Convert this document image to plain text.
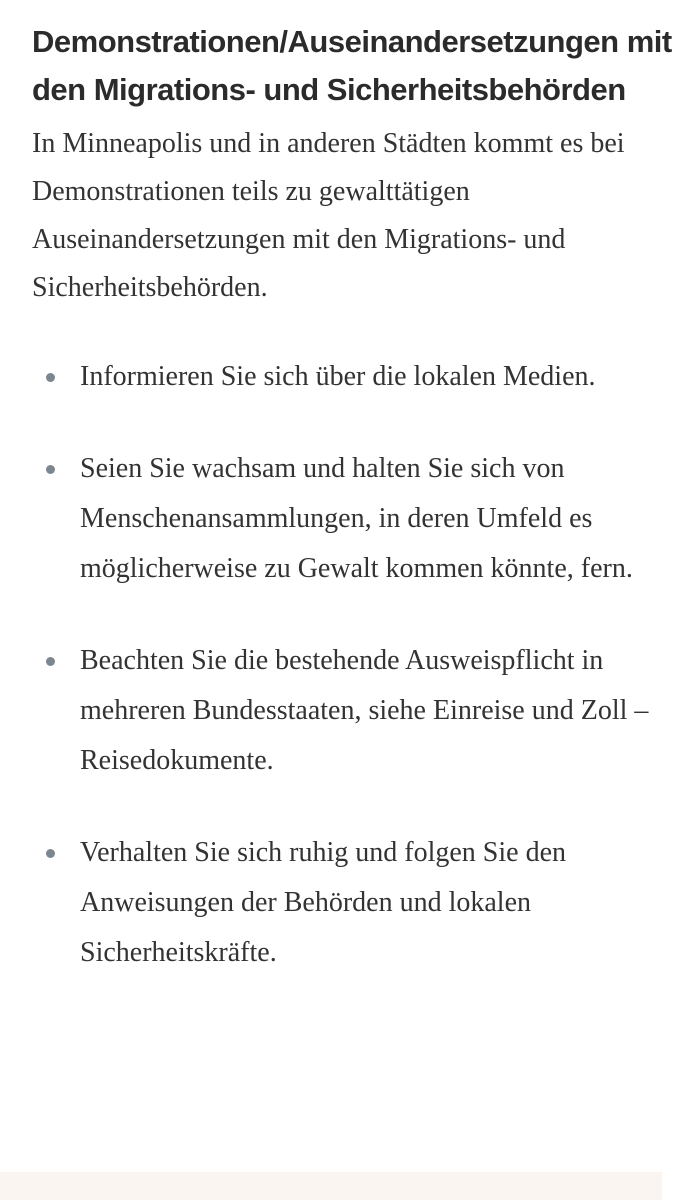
Demonstrationen/Auseinandersetzungen mit den Migrations- und Sicherheitsbehörden

In Minneapolis und in anderen Städten kommt es bei Demonstrationen teils zu gewalttätigen Auseinandersetzungen mit den Migrations- und Sicherheitsbehörden.

Informieren Sie sich über die lokalen Medien.
Seien Sie wachsam und halten Sie sich von Menschenansammlungen, in deren Umfeld es möglicherweise zu Gewalt kommen könnte, fern.
Beachten Sie die bestehende Ausweispflicht in mehreren Bundesstaaten, siehe Einreise und Zoll – Reisedokumente.
Verhalten Sie sich ruhig und folgen Sie den Anweisungen der Behörden und lokalen Sicherheitskräfte.
